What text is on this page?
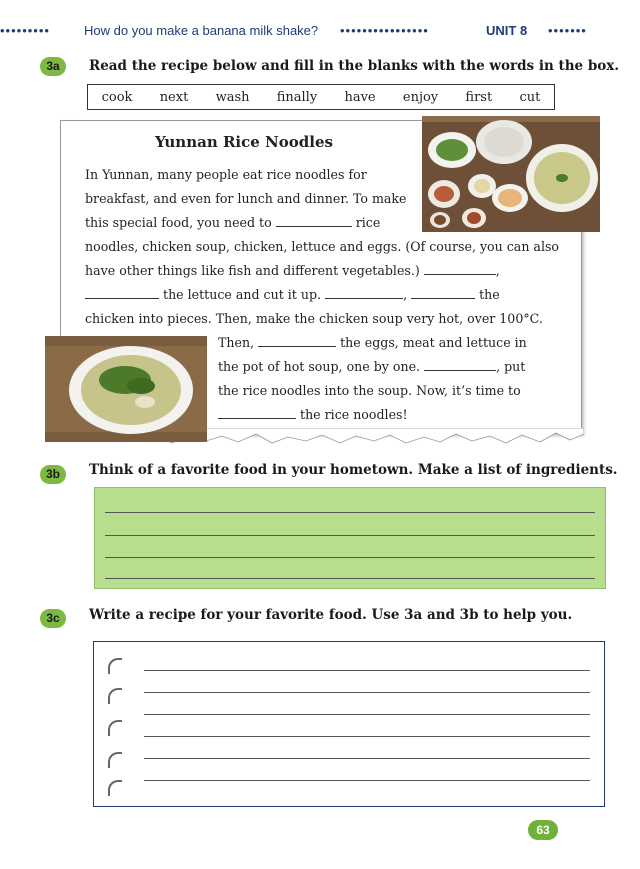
•••••••••	How do you make a banana milk shake? ••••••••••••••••	UNIT 8 •••••••
3a	Read the recipe below and fill in the blanks with the words in the box.
cook next wash finally have enjoy first cut
Yunnan Rice Noodles
In Yunnan, many people eat rice noodles for
breakfast, and even for lunch and dinner. To make
this special food, you need to	rice
noodles, chicken soup, chicken, lettuce and eggs. (Of course, you can also
have other things like fish and different vegetables.)	,
the lettuce and cut it up.	,	the
chicken into pieces. Then, make the chicken soup very hot, over 100°C.
Then,	the eggs, meat and lettuce in
the pot of hot soup, one by one.	, put
the rice noodles into the soup. Now, it’s time to
the rice noodles!
3b	Think of a favorite food in your hometown. Make a list of ingredients.
3c	Write a recipe for your favorite food. Use 3a and 3b to help you.
63
